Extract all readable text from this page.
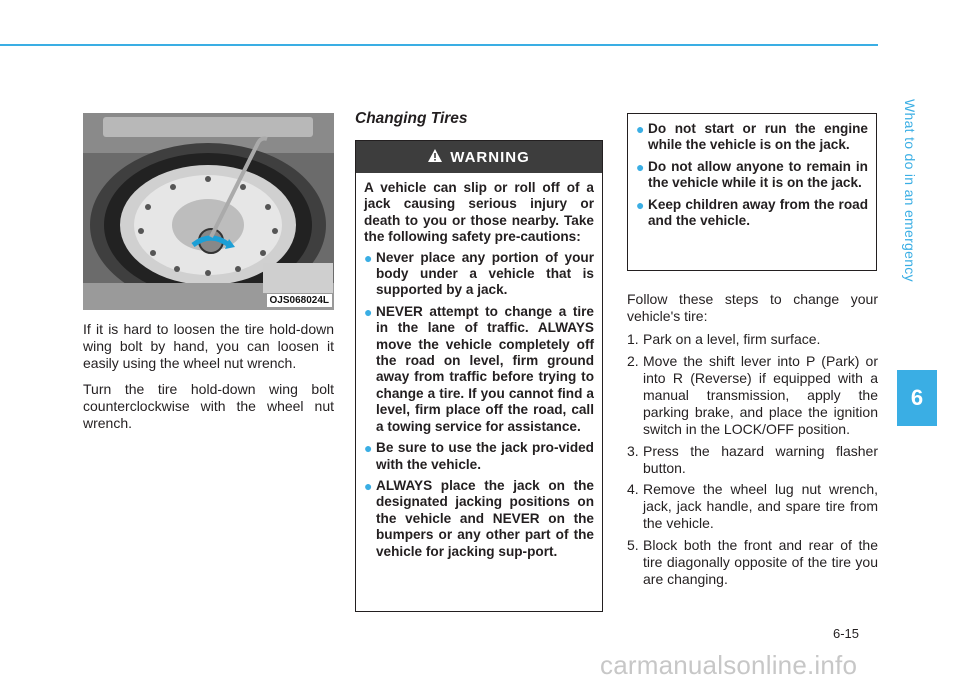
What to do in an emergency
6
OJS068024L

If it is hard to loosen the tire hold-down wing bolt by hand, you can loosen it easily using the wheel nut wrench.

Turn the tire hold-down wing bolt counterclockwise with the wheel nut wrench.

Changing Tires
WARNING

A vehicle can slip or roll off of a jack causing serious injury or death to you or those nearby. Take the following safety pre-cautions:

● Never place any portion of your body under a vehicle that is supported by a jack.
● NEVER attempt to change a tire in the lane of traffic. ALWAYS move the vehicle completely off the road on level, firm ground away from traffic before trying to change a tire. If you cannot find a level, firm place off the road, call a towing service for assistance.
● Be sure to use the jack pro-vided with the vehicle.
● ALWAYS place the jack on the designated jacking positions on the vehicle and NEVER on the bumpers or any other part of the vehicle for jacking sup-port.
● Do not start or run the engine while the vehicle is on the jack.
● Do not allow anyone to remain in the vehicle while it is on the jack.
● Keep children away from the road and the vehicle.

Follow these steps to change your vehicle's tire:

1. Park on a level, firm surface.
2. Move the shift lever into P (Park) or into R (Reverse) if equipped with a manual transmission, apply the parking brake, and place the ignition switch in the LOCK/OFF position.
3. Press the hazard warning flasher button.
4. Remove the wheel lug nut wrench, jack, jack handle, and spare tire from the vehicle.
5. Block both the front and rear of the tire diagonally opposite of the tire you are changing.
6-15
carmanualsonline.info
